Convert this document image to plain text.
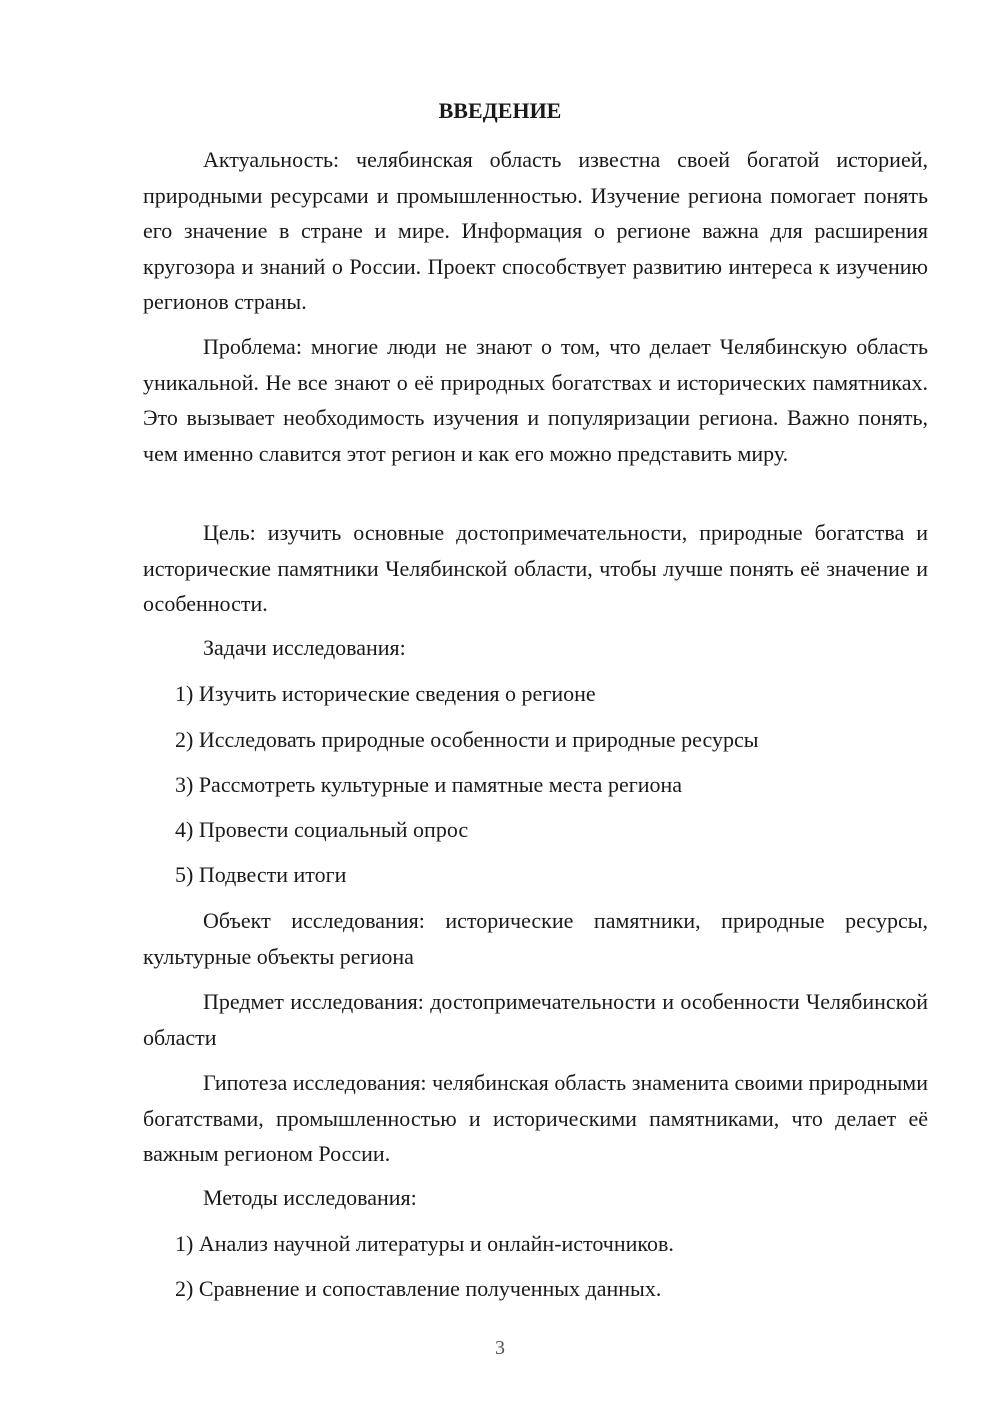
ВВЕДЕНИЕ

Актуальность: челябинская область известна своей богатой историей, природными ресурсами и промышленностью. Изучение региона помогает понять его значение в стране и мире. Информация о регионе важна для расширения кругозора и знаний о России. Проект способствует развитию интереса к изучению регионов страны.

Проблема: многие люди не знают о том, что делает Челябинскую область уникальной. Не все знают о её природных богатствах и исторических памятниках. Это вызывает необходимость изучения и популяризации региона. Важно понять, чем именно славится этот регион и как его можно представить миру.

Цель: изучить основные достопримечательности, природные богатства и исторические памятники Челябинской области, чтобы лучше понять её значение и особенности.

Задачи исследования:

1) Изучить исторические сведения о регионе

2) Исследовать природные особенности и природные ресурсы

3) Рассмотреть культурные и памятные места региона

4) Провести социальный опрос

5) Подвести итоги

Объект исследования: исторические памятники, природные ресурсы, культурные объекты региона

Предмет исследования: достопримечательности и особенности Челябинской области

Гипотеза исследования: челябинская область знаменита своими природными богатствами, промышленностью и историческими памятниками, что делает её важным регионом России.

Методы исследования:

1) Анализ научной литературы и онлайн-источников.

2) Сравнение и сопоставление полученных данных.

3
